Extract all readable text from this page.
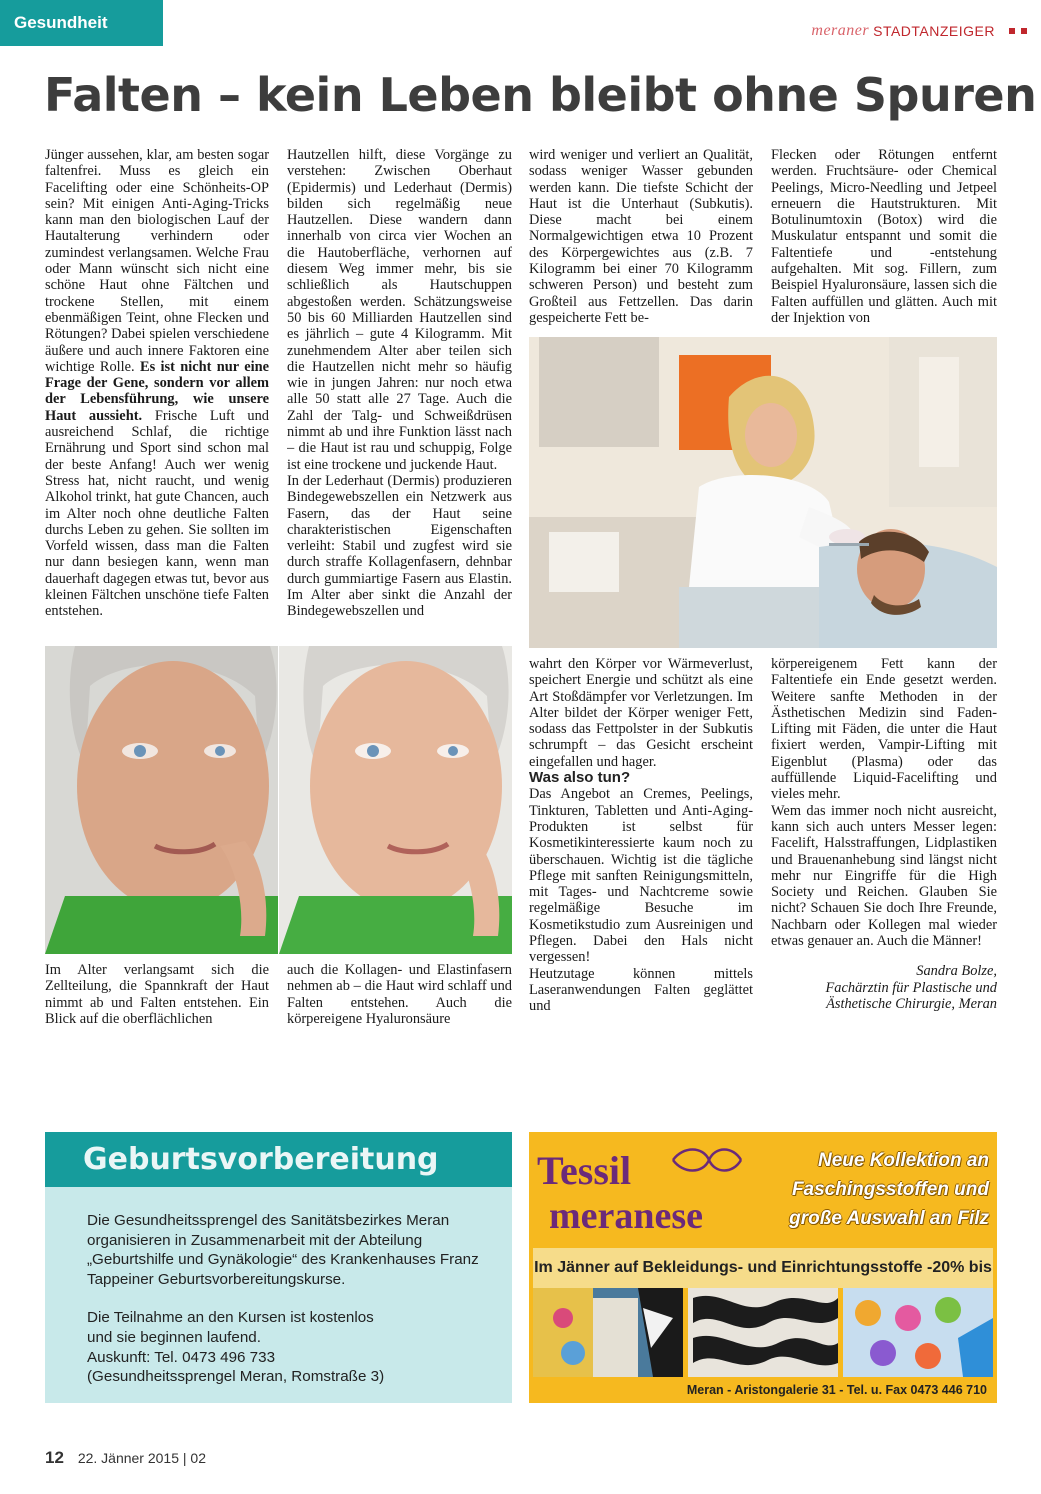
Gesundheit	meraner STADTANZEIGER
Falten – kein Leben bleibt ohne Spuren

Jünger aussehen, klar, am besten sogar faltenfrei. Muss es gleich ein Facelifting oder eine Schönheits-OP sein? Mit einigen Anti-Aging-Tricks kann man den biologischen Lauf der Hautalterung verhindern oder zumindest verlangsamen. Welche Frau oder Mann wünscht sich nicht eine schöne Haut ohne Fältchen und trockene Stellen, mit einem ebenmäßigen Teint, ohne Flecken und Rötungen? Dabei spielen verschiedene äußere und auch innere Faktoren eine wichtige Rolle. Es ist nicht nur eine Frage der Gene, sondern vor allem der Lebensführung, wie unsere Haut aussieht. Frische Luft und ausreichend Schlaf, die richtige Ernährung und Sport sind schon mal der beste Anfang! Auch wer wenig Stress hat, nicht raucht, und wenig Alkohol trinkt, hat gute Chancen, auch im Alter noch ohne deutliche Falten durchs Leben zu gehen. Sie sollten im Vorfeld wissen, dass man die Falten nur dann besiegen kann, wenn man dauerhaft dagegen etwas tut, bevor aus kleinen Fältchen unschöne tiefe Falten entstehen.

Hautzellen hilft, diese Vorgänge zu verstehen: Zwischen Oberhaut (Epidermis) und Lederhaut (Dermis) bilden sich regelmäßig neue Hautzellen. Diese wandern dann innerhalb von circa vier Wochen an die Hautoberfläche, verhornen auf diesem Weg immer mehr, bis sie schließlich als Hautschuppen abgestoßen werden. Schätzungsweise 50 bis 60 Milliarden Hautzellen sind es jährlich – gute 4 Kilogramm. Mit zunehmendem Alter aber teilen sich die Hautzellen nicht mehr so häufig wie in jungen Jahren: nur noch etwa alle 50 statt alle 27 Tage. Auch die Zahl der Talg- und Schweißdrüsen nimmt ab und ihre Funktion lässt nach – die Haut ist rau und schuppig, Folge ist eine trockene und juckende Haut.

In der Lederhaut (Dermis) produzieren Bindegewebszellen ein Netzwerk aus Fasern, das der Haut seine charakteristischen Eigenschaften verleiht: Stabil und zugfest wird sie durch straffe Kollagenfasern, dehnbar durch gummiartige Fasern aus Elastin. Im Alter aber sinkt die Anzahl der Bindegewebszellen und

wird weniger und verliert an Qualität, sodass weniger Wasser gebunden werden kann. Die tiefste Schicht der Haut ist die Unterhaut (Subkutis). Diese macht bei einem Normalgewichtigen etwa 10 Prozent des Körpergewichtes aus (z.B. 7 Kilogramm bei einer 70 Kilogramm schweren Person) und besteht zum Großteil aus Fettzellen. Das darin gespeicherte Fett be-

Flecken oder Rötungen entfernt werden. Fruchtsäure- oder Chemical Peelings, Micro-Needling und Jetpeel erneuern die Hautstrukturen. Mit Botulinumtoxin (Botox) wird die Muskulatur entspannt und somit die Faltentiefe und -entstehung aufgehalten. Mit sog. Fillern, zum Beispiel Hyaluronsäure, lassen sich die Falten auffüllen und glätten. Auch mit der Injektion von

Im Alter verlangsamt sich die Zellteilung, die Spannkraft der Haut nimmt ab und Falten entstehen. Ein Blick auf die oberflächlichen

auch die Kollagen- und Elastinfasern nehmen ab – die Haut wird schlaff und Falten entstehen. Auch die körpereigene Hyaluronsäure

wahrt den Körper vor Wärmeverlust, speichert Energie und schützt als eine Art Stoßdämpfer vor Verletzungen. Im Alter bildet der Körper weniger Fett, sodass das Fettpolster in der Subkutis schrumpft – das Gesicht erscheint eingefallen und hager.

Was also tun?

Das Angebot an Cremes, Peelings, Tinkturen, Tabletten und Anti-Aging-Produkten ist selbst für Kosmetikinteressierte kaum noch zu überschauen. Wichtig ist die tägliche Pflege mit sanften Reinigungsmitteln, mit Tages- und Nachtcreme sowie regelmäßige Besuche im Kosmetikstudio zum Ausreinigen und Pflegen. Dabei den Hals nicht vergessen!

Heutzutage können mittels Laseranwendungen Falten geglättet und

körpereigenem Fett kann der Faltentiefe ein Ende gesetzt werden. Weitere sanfte Methoden in der Ästhetischen Medizin sind Faden-Lifting mit Fäden, die unter die Haut fixiert werden, Vampir-Lifting mit Eigenblut (Plasma) oder das auffüllende Liquid-Facelifting und vieles mehr.

Wem das immer noch nicht ausreicht, kann sich auch unters Messer legen: Facelift, Halsstraffungen, Lidplastiken und Brauenanhebung sind längst nicht mehr nur Eingriffe für die High Society und Reichen. Glauben Sie nicht? Schauen Sie doch Ihre Freunde, Nachbarn oder Kollegen mal wieder etwas genauer an. Auch die Männer!

Sandra Bolze,
Fachärztin für Plastische und
Ästhetische Chirurgie, Meran
Geburtsvorbereitung

Die Gesundheitssprengel des Sanitätsbezirkes Meran organisieren in Zusammenarbeit mit der Abteilung „Geburtshilfe und Gynäkologie“ des Krankenhauses Franz Tappeiner Geburtsvorbereitungskurse.

Die Teilnahme an den Kursen ist kostenlos
und sie beginnen laufend.
Auskunft: Tel. 0473 496 733
(Gesundheitssprengel Meran, Romstraße 3)

Tessil
meranese
Neue Kollektion an
Faschingsstoffen und
große Auswahl an Filz
Im Jänner auf Bekleidungs- und Einrichtungsstoffe -20% bis
Meran - Aristongalerie 31 - Tel. u. Fax 0473 446 710
12 22. Jänner 2015 | 02
